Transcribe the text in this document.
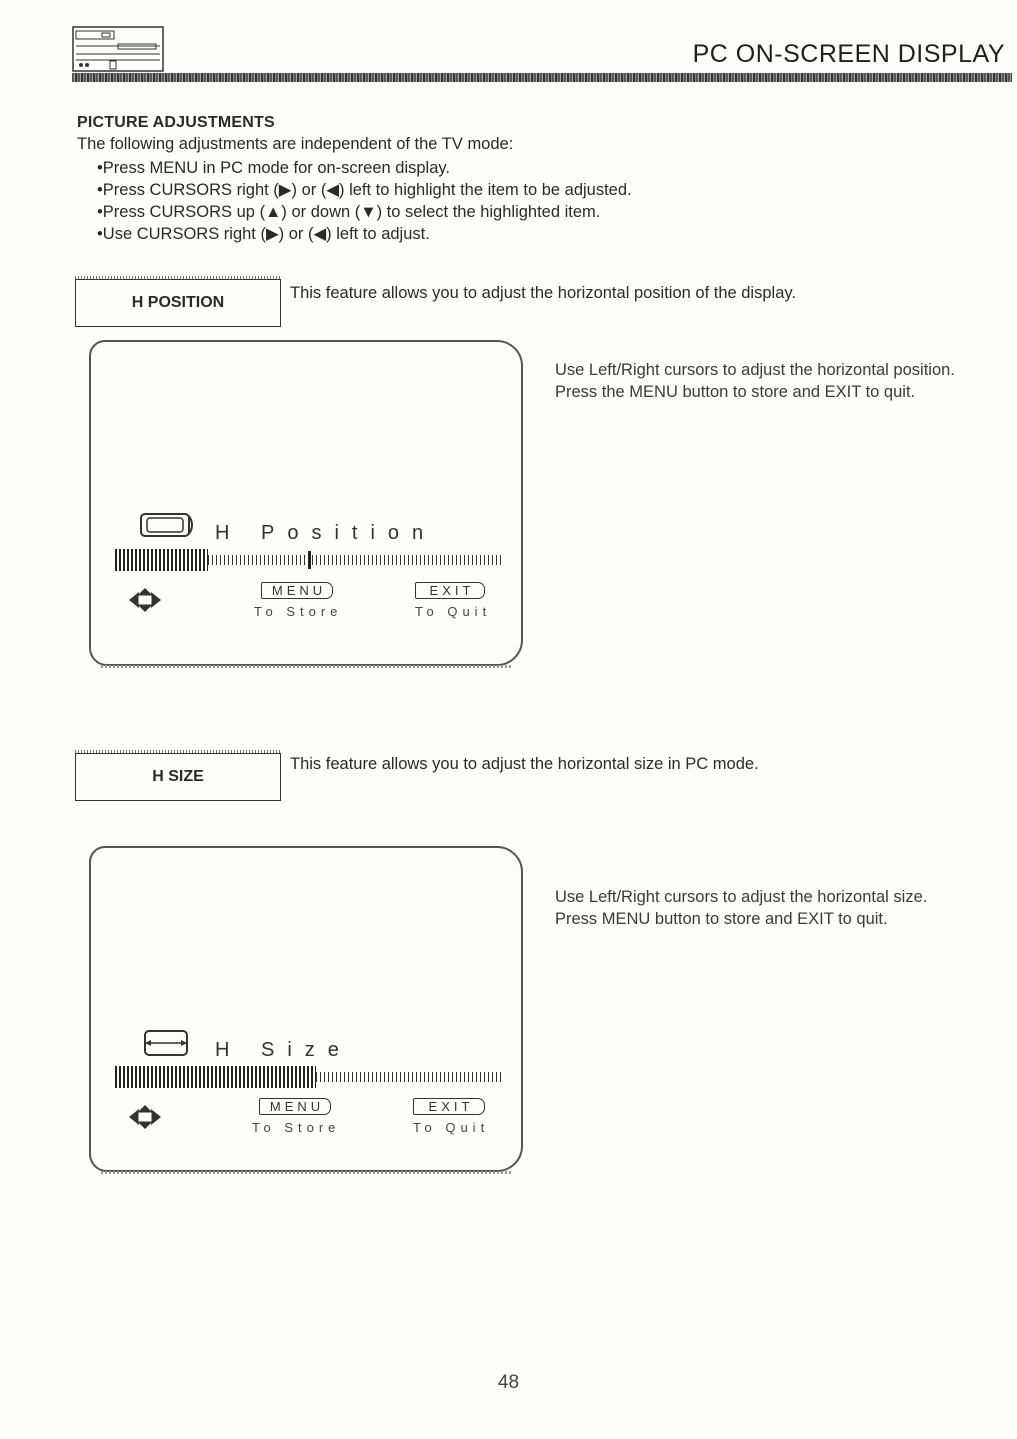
PC ON-SCREEN DISPLAY
PICTURE ADJUSTMENTS
The following adjustments are independent of the TV mode:
•Press MENU in PC mode for on-screen display.
•Press CURSORS right (▶) or (◀) left to highlight the item to be adjusted.
•Press CURSORS up (▲) or down (▼) to select the highlighted item.
•Use CURSORS right (▶) or (◀) left to adjust.
H POSITION
This feature allows you to adjust the horizontal position of the display.
H Position
MENU	EXIT
To Store	To Quit
Use Left/Right cursors to adjust the horizontal position.
Press the MENU button to store and EXIT to quit.
H SIZE
This feature allows you to adjust the horizontal size in PC mode.
H Size
MENU	EXIT
To Store	To Quit
Use Left/Right cursors to adjust the horizontal size.
Press MENU button to store and EXIT to quit.
48
